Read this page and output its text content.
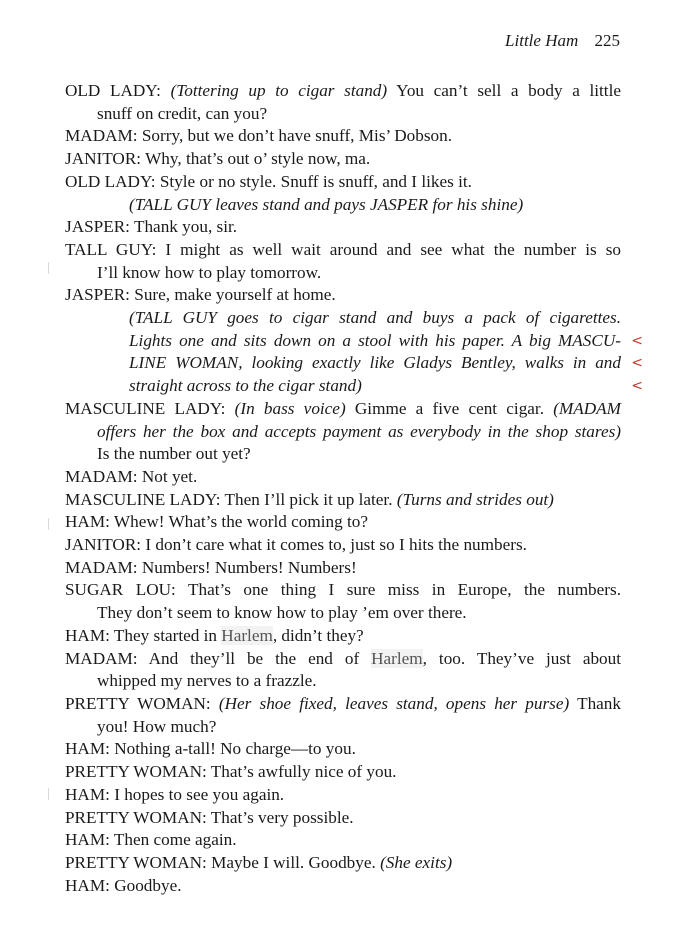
Little Ham 225
OLD LADY: (Tottering up to cigar stand) You can’t sell a body a little
snuff on credit, can you?
MADAM: Sorry, but we don’t have snuff, Mis’ Dobson.
JANITOR: Why, that’s out o’ style now, ma.
OLD LADY: Style or no style. Snuff is snuff, and I likes it.
(TALL GUY leaves stand and pays JASPER for his shine)
JASPER: Thank you, sir.
TALL GUY: I might as well wait around and see what the number is so
I’ll know how to play tomorrow.
JASPER: Sure, make yourself at home.
(TALL GUY goes to cigar stand and buys a pack of cigarettes.
Lights one and sits down on a stool with his paper. A big MASCU- <
LINE WOMAN, looking exactly like Gladys Bentley, walks in and <
straight across to the cigar stand)	<
MASCULINE LADY: (In bass voice) Gimme a five cent cigar. (MADAM
offers her the box and accepts payment as everybody in the shop stares)
Is the number out yet?
MADAM: Not yet.
MASCULINE LADY: Then I’ll pick it up later. (Turns and strides out)
HAM: Whew! What’s the world coming to?
JANITOR: I don’t care what it comes to, just so I hits the numbers.
MADAM: Numbers! Numbers! Numbers!
SUGAR LOU: That’s one thing I sure miss in Europe, the numbers.
They don’t seem to know how to play ’em over there.
HAM: They started in Harlem, didn’t they?
MADAM: And they’ll be the end of Harlem, too. They’ve just about
whipped my nerves to a frazzle.
PRETTY WOMAN: (Her shoe fixed, leaves stand, opens her purse) Thank
you! How much?
HAM: Nothing a-tall! No charge—to you.
PRETTY WOMAN: That’s awfully nice of you.
HAM: I hopes to see you again.
PRETTY WOMAN: That’s very possible.
HAM: Then come again.
PRETTY WOMAN: Maybe I will. Goodbye. (She exits)
HAM: Goodbye.
